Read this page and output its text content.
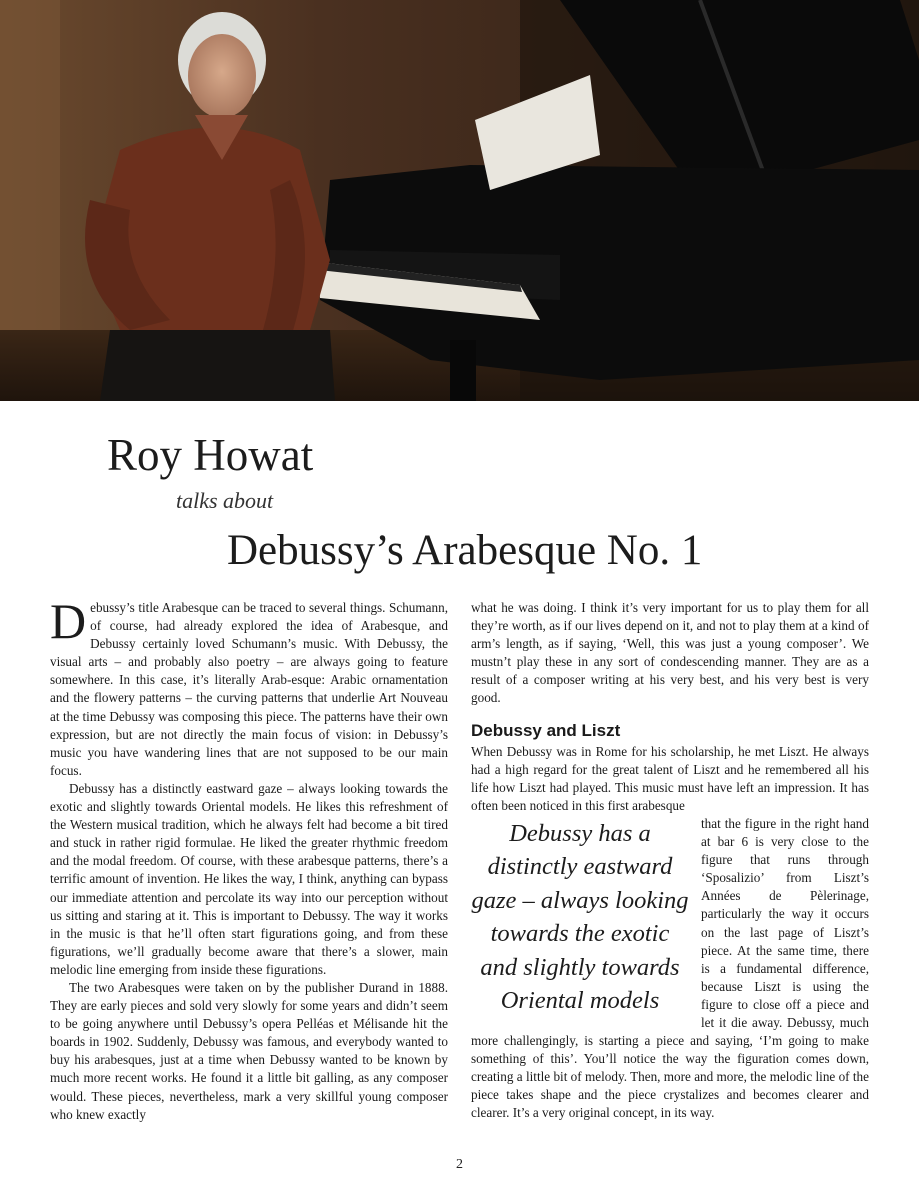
Roy Howat
talks about
Debussy’s Arabesque No. 1

Debussy’s title Arabesque can be traced to several things. Schumann, of course, had already explored the idea of Arabesque, and Debussy certainly loved Schumann’s music. With Debussy, the visual arts – and probably also poetry – are always going to feature somewhere. In this case, it’s literally Arab-esque: Arabic ornamentation and the flowery patterns – the curving patterns that underlie Art Nouveau at the time Debussy was composing this piece. The patterns have their own expression, but are not directly the main focus of vision: in Debussy’s music you have wandering lines that are not supposed to be our main focus.

Debussy has a distinctly eastward gaze – always looking towards the exotic and slightly towards Oriental models. He likes this refreshment of the Western musical tradition, which he always felt had become a bit tired and stuck in rather rigid formulae. He liked the greater rhythmic freedom and the modal freedom. Of course, with these arabesque patterns, there’s a terrific amount of invention. He likes the way, I think, anything can bypass our immediate attention and percolate its way into our perception without us sitting and staring at it. This is important to Debussy. The way it works in the music is that he’ll often start figurations going, and from these figurations, we’ll gradually become aware that there’s a slower, main melodic line emerging from inside these figurations.

The two Arabesques were taken on by the publisher Durand in 1888. They are early pieces and sold very slowly for some years and didn’t seem to be going anywhere until Debussy’s opera Pelléas et Mélisande hit the boards in 1902. Suddenly, Debussy was famous, and everybody wanted to buy his arabesques, just at a time when Debussy wanted to be known by much more recent works. He found it a little bit galling, as any composer would. These pieces, nevertheless, mark a very skillful young composer who knew exactly

what he was doing. I think it’s very important for us to play them for all they’re worth, as if our lives depend on it, and not to play them at a kind of arm’s length, as if saying, ‘Well, this was just a young composer’. We mustn’t play these in any sort of condescending manner. They are as a result of a composer writing at his very best, and his very best is very good.

Debussy and Liszt

When Debussy was in Rome for his scholarship, he met Liszt. He always had a high regard for the great talent of Liszt and he remembered all his life how Liszt had played. This music must have left an impression. It has often been noticed in this first arabesque

Debussy has a distinctly eastward gaze – always looking towards the exotic and slightly towards Oriental models
that the figure in the right hand at bar 6 is very close to the figure that runs through ‘Sposalizio’ from Liszt’s Années de Pèlerinage, particularly the way it occurs on the last page of Liszt’s piece. At the same time, there is a fundamental difference, because Liszt is using the figure to close off a piece and let it die away. Debussy, much more challengingly, is starting a piece and saying, ‘I’m going to make something of this’. You’ll notice the way the figuration comes down, creating a little bit of melody. Then, more and more, the melodic line of the piece takes shape and the piece crystalizes and becomes clearer and clearer. It’s a very original concept, in its way.

2
